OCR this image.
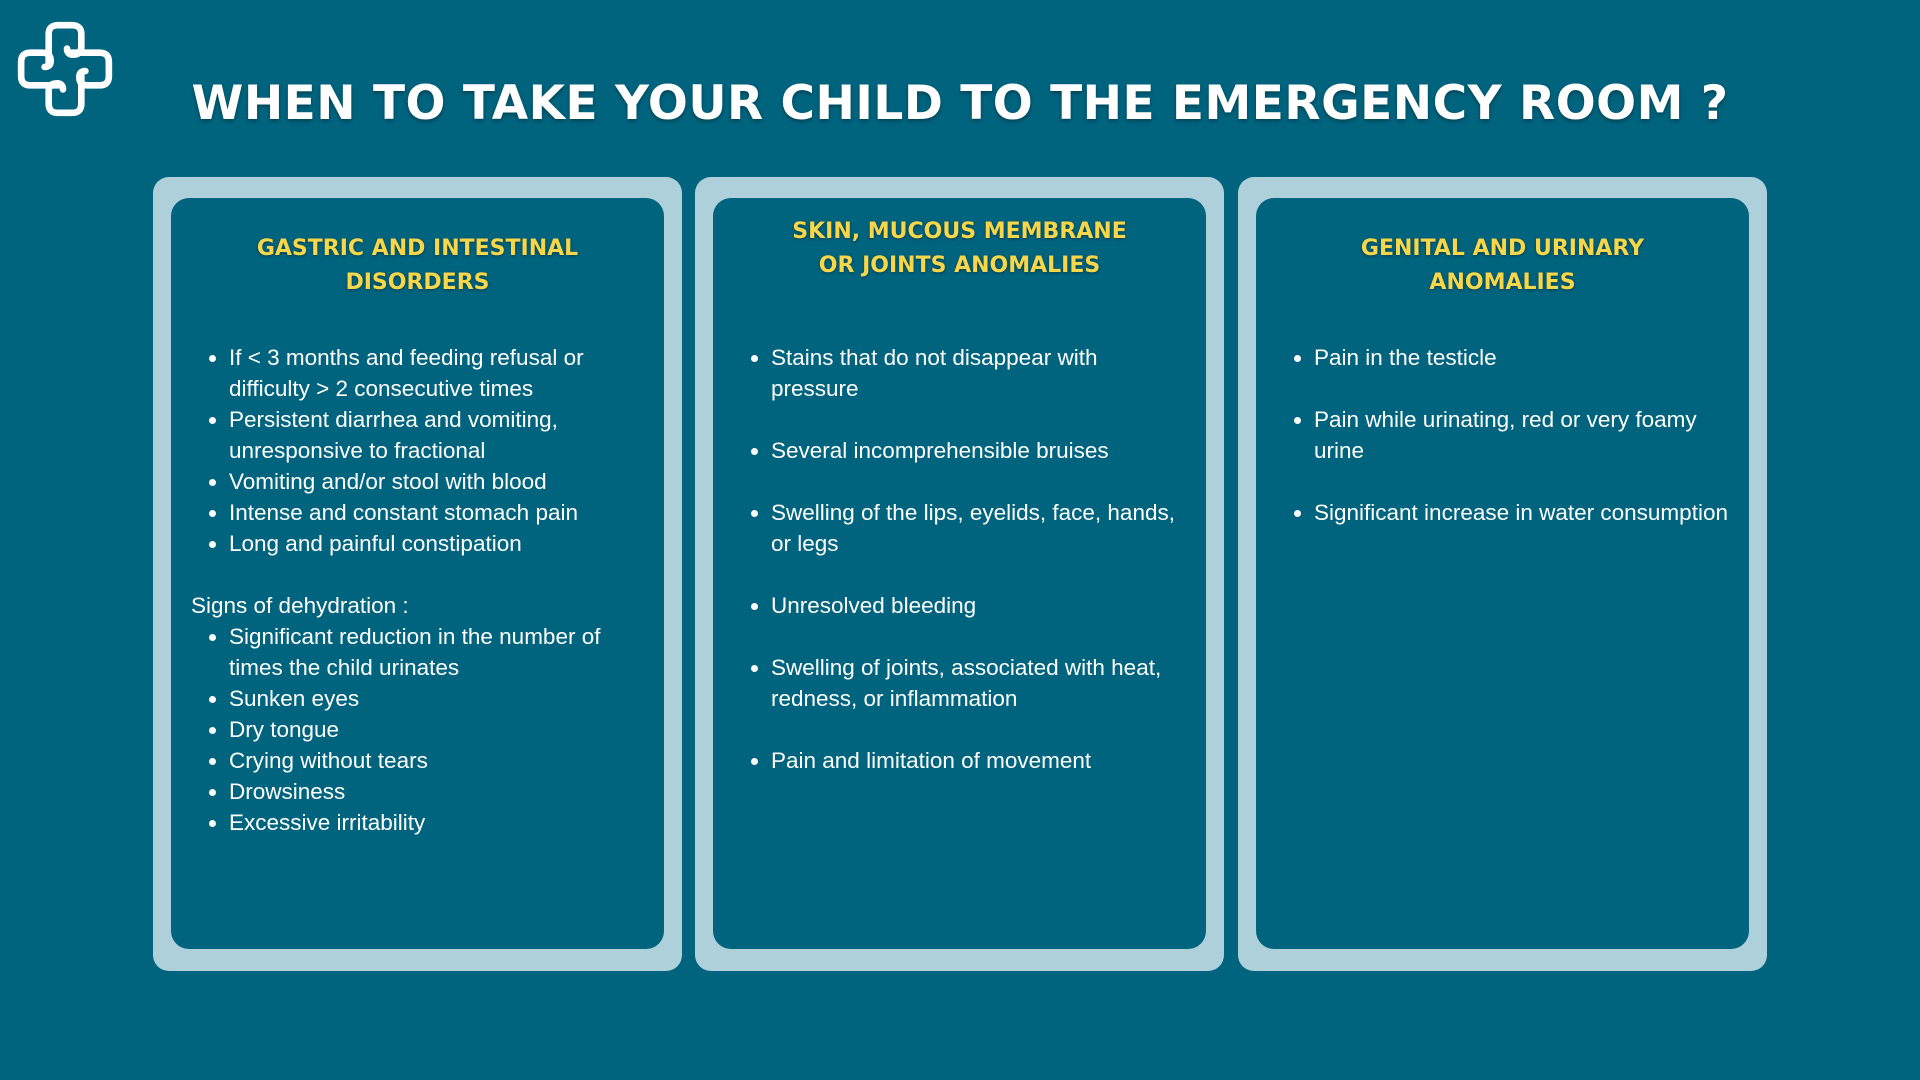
WHEN TO TAKE YOUR CHILD TO THE EMERGENCY ROOM ?
GASTRIC AND INTESTINAL
DISORDERS
• If < 3 months and feeding refusal or difficulty > 2 consecutive times
• Persistent diarrhea and vomiting, unresponsive to fractional
• Vomiting and/or stool with blood
• Intense and constant stomach pain
• Long and painful constipation

Signs of dehydration :

• Significant reduction in the number of times the child urinates
• Sunken eyes
• Dry tongue
• Crying without tears
• Drowsiness
• Excessive irritability
SKIN, MUCOUS MEMBRANE
OR JOINTS ANOMALIES
• Stains that do not disappear with pressure
• Several incomprehensible bruises
• Swelling of the lips, eyelids, face, hands, or legs
• Unresolved bleeding
• Swelling of joints, associated with heat, redness, or inflammation
• Pain and limitation of movement
GENITAL AND URINARY
ANOMALIES
• Pain in the testicle
• Pain while urinating, red or very foamy urine
• Significant increase in water consumption
